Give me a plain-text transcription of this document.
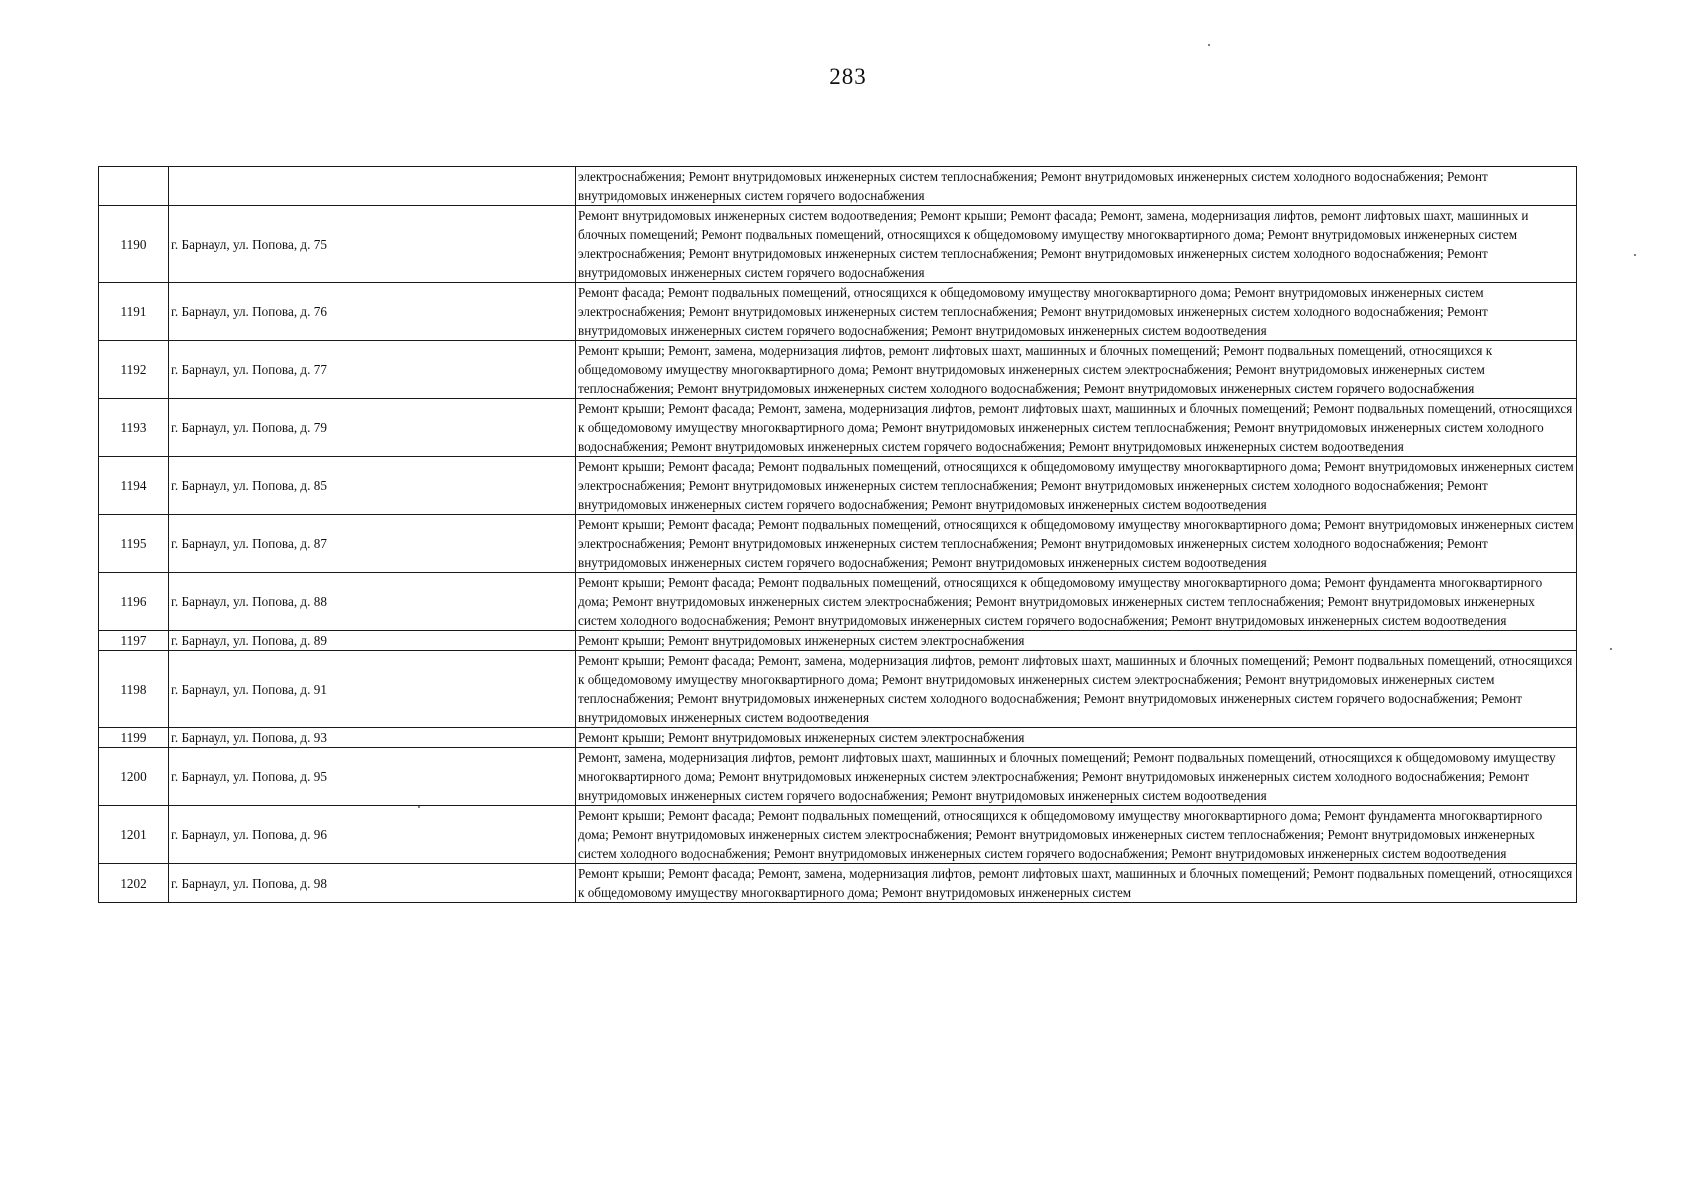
283
		электроснабжения; Ремонт внутридомовых инженерных систем теплоснабжения; Ремонт внутридомовых инженерных систем холодного водоснабжения; Ремонт внутридомовых инженерных систем горячего водоснабжения
1190	г. Барнаул, ул. Попова, д. 75	Ремонт внутридомовых инженерных систем водоотведения; Ремонт крыши; Ремонт фасада; Ремонт, замена, модернизация лифтов, ремонт лифтовых шахт, машинных и блочных помещений; Ремонт подвальных помещений, относящихся к общедомовому имуществу многоквартирного дома; Ремонт внутридомовых инженерных систем электроснабжения; Ремонт внутридомовых инженерных систем теплоснабжения; Ремонт внутридомовых инженерных систем холодного водоснабжения; Ремонт внутридомовых инженерных систем горячего водоснабжения
1191	г. Барнаул, ул. Попова, д. 76	Ремонт фасада; Ремонт подвальных помещений, относящихся к общедомовому имуществу многоквартирного дома; Ремонт внутридомовых инженерных систем электроснабжения; Ремонт внутридомовых инженерных систем теплоснабжения; Ремонт внутридомовых инженерных систем холодного водоснабжения; Ремонт внутридомовых инженерных систем горячего водоснабжения; Ремонт внутридомовых инженерных систем водоотведения
1192	г. Барнаул, ул. Попова, д. 77	Ремонт крыши; Ремонт, замена, модернизация лифтов, ремонт лифтовых шахт, машинных и блочных помещений; Ремонт подвальных помещений, относящихся к общедомовому имуществу многоквартирного дома; Ремонт внутридомовых инженерных систем электроснабжения; Ремонт внутридомовых инженерных систем теплоснабжения; Ремонт внутридомовых инженерных систем холодного водоснабжения; Ремонт внутридомовых инженерных систем горячего водоснабжения
1193	г. Барнаул, ул. Попова, д. 79	Ремонт крыши; Ремонт фасада; Ремонт, замена, модернизация лифтов, ремонт лифтовых шахт, машинных и блочных помещений; Ремонт подвальных помещений, относящихся к общедомовому имуществу многоквартирного дома; Ремонт внутридомовых инженерных систем теплоснабжения; Ремонт внутридомовых инженерных систем холодного водоснабжения; Ремонт внутридомовых инженерных систем горячего водоснабжения; Ремонт внутридомовых инженерных систем водоотведения
1194	г. Барнаул, ул. Попова, д. 85	Ремонт крыши; Ремонт фасада; Ремонт подвальных помещений, относящихся к общедомовому имуществу многоквартирного дома; Ремонт внутридомовых инженерных систем электроснабжения; Ремонт внутридомовых инженерных систем теплоснабжения; Ремонт внутридомовых инженерных систем холодного водоснабжения; Ремонт внутридомовых инженерных систем горячего водоснабжения; Ремонт внутридомовых инженерных систем водоотведения
1195	г. Барнаул, ул. Попова, д. 87	Ремонт крыши; Ремонт фасада; Ремонт подвальных помещений, относящихся к общедомовому имуществу многоквартирного дома; Ремонт внутридомовых инженерных систем электроснабжения; Ремонт внутридомовых инженерных систем теплоснабжения; Ремонт внутридомовых инженерных систем холодного водоснабжения; Ремонт внутридомовых инженерных систем горячего водоснабжения; Ремонт внутридомовых инженерных систем водоотведения
1196	г. Барнаул, ул. Попова, д. 88	Ремонт крыши; Ремонт фасада; Ремонт подвальных помещений, относящихся к общедомовому имуществу многоквартирного дома; Ремонт фундамента многоквартирного дома; Ремонт внутридомовых инженерных систем электроснабжения; Ремонт внутридомовых инженерных систем теплоснабжения; Ремонт внутридомовых инженерных систем холодного водоснабжения; Ремонт внутридомовых инженерных систем горячего водоснабжения; Ремонт внутридомовых инженерных систем водоотведения
1197	г. Барнаул, ул. Попова, д. 89	Ремонт крыши; Ремонт внутридомовых инженерных систем электроснабжения
1198	г. Барнаул, ул. Попова, д. 91	Ремонт крыши; Ремонт фасада; Ремонт, замена, модернизация лифтов, ремонт лифтовых шахт, машинных и блочных помещений; Ремонт подвальных помещений, относящихся к общедомовому имуществу многоквартирного дома; Ремонт внутридомовых инженерных систем электроснабжения; Ремонт внутридомовых инженерных систем теплоснабжения; Ремонт внутридомовых инженерных систем холодного водоснабжения; Ремонт внутридомовых инженерных систем горячего водоснабжения; Ремонт внутридомовых инженерных систем водоотведения
1199	г. Барнаул, ул. Попова, д. 93	Ремонт крыши; Ремонт внутридомовых инженерных систем электроснабжения
1200	г. Барнаул, ул. Попова, д. 95	Ремонт, замена, модернизация лифтов, ремонт лифтовых шахт, машинных и блочных помещений; Ремонт подвальных помещений, относящихся к общедомовому имуществу многоквартирного дома; Ремонт внутридомовых инженерных систем электроснабжения; Ремонт внутридомовых инженерных систем холодного водоснабжения; Ремонт внутридомовых инженерных систем горячего водоснабжения; Ремонт внутридомовых инженерных систем водоотведения
1201	г. Барнаул, ул. Попова, д. 96	Ремонт крыши; Ремонт фасада; Ремонт подвальных помещений, относящихся к общедомовому имуществу многоквартирного дома; Ремонт фундамента многоквартирного дома; Ремонт внутридомовых инженерных систем электроснабжения; Ремонт внутридомовых инженерных систем теплоснабжения; Ремонт внутридомовых инженерных систем холодного водоснабжения; Ремонт внутридомовых инженерных систем горячего водоснабжения; Ремонт внутридомовых инженерных систем водоотведения
1202	г. Барнаул, ул. Попова, д. 98	Ремонт крыши; Ремонт фасада; Ремонт, замена, модернизация лифтов, ремонт лифтовых шахт, машинных и блочных помещений; Ремонт подвальных помещений, относящихся к общедомовому имуществу многоквартирного дома; Ремонт внутридомовых инженерных систем
